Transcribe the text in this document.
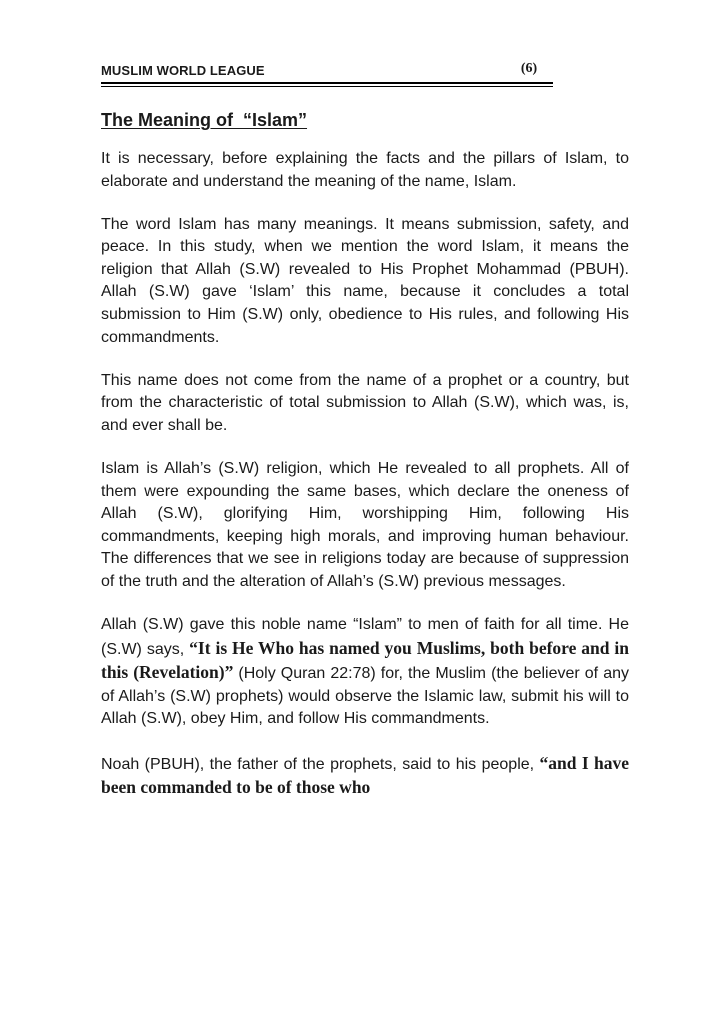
MUSLIM WORLD LEAGUE	(6)
The Meaning of  “Islam”

It is necessary, before explaining the facts and the pillars of Islam, to elaborate and understand the meaning of the name, Islam.

The word Islam has many meanings. It means submission, safety, and peace. In this study, when we mention the word Islam, it means the religion that Allah (S.W) revealed to His Prophet Mohammad (PBUH). Allah (S.W) gave ‘Islam’ this name, because it concludes a total submission to Him (S.W) only, obedience to His rules, and following His commandments.

This name does not come from the name of a prophet or a country, but from the characteristic of total submission to Allah (S.W), which was, is, and ever shall be.

Islam is Allah’s (S.W) religion, which He revealed to all prophets. All of them were expounding the same bases, which declare the oneness of Allah (S.W), glorifying Him, worshipping Him, following His commandments, keeping high morals, and improving human behaviour. The differences that we see in religions today are because of suppression of the truth and the alteration of Allah’s (S.W) previous messages.

Allah (S.W) gave this noble name “Islam” to men of faith for all time. He (S.W) says, “It is He Who has named you Muslims, both before and in this (Revelation)” (Holy Quran 22:78) for, the Muslim (the believer of any of Allah’s (S.W) prophets) would observe the Islamic law, submit his will to Allah (S.W), obey Him, and follow His commandments.

Noah (PBUH), the father of the prophets, said to his people, “and I have been commanded to be of those who
